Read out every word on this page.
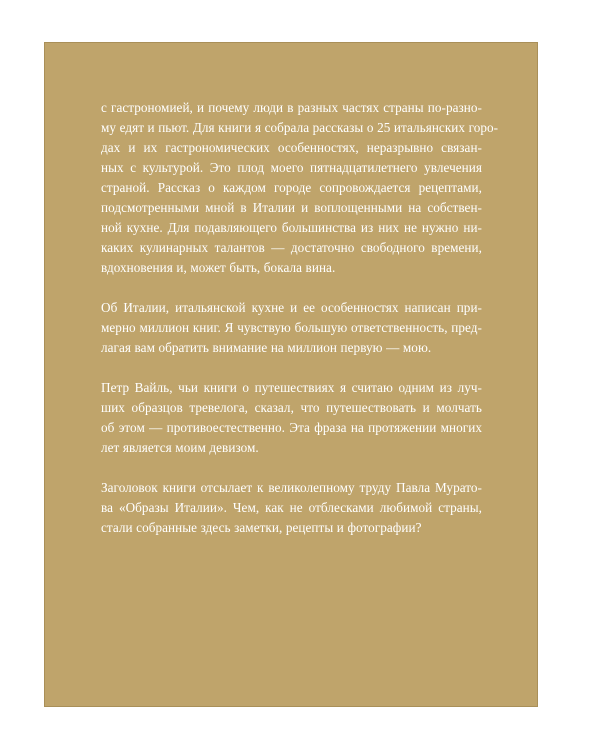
с гастрономией, и почему люди в разных частях страны по-разно-
му едят и пьют. Для книги я собрала рассказы о 25 итальянских горо-
дах и их гастрономических особенностях, неразрывно связан-
ных с культурой. Это плод моего пятнадцатилетнего увлечения
страной. Рассказ о каждом городе сопровождается рецептами,
подсмотренными мной в Италии и воплощенными на собствен-
ной кухне. Для подавляющего большинства из них не нужно ни-
каких кулинарных талантов — достаточно свободного времени,
вдохновения и, может быть, бокала вина.

Об Италии, итальянской кухне и ее особенностях написан при-
мерно миллион книг. Я чувствую большую ответственность, пред-
лагая вам обратить внимание на миллион первую — мою.

Петр Вайль, чьи книги о путешествиях я считаю одним из луч-
ших образцов тревелога, сказал, что путешествовать и молчать
об этом — противоестественно. Эта фраза на протяжении многих
лет является моим девизом.

Заголовок книги отсылает к великолепному труду Павла Мурато-
ва «Образы Италии». Чем, как не отблесками любимой страны,
стали собранные здесь заметки, рецепты и фотографии?
